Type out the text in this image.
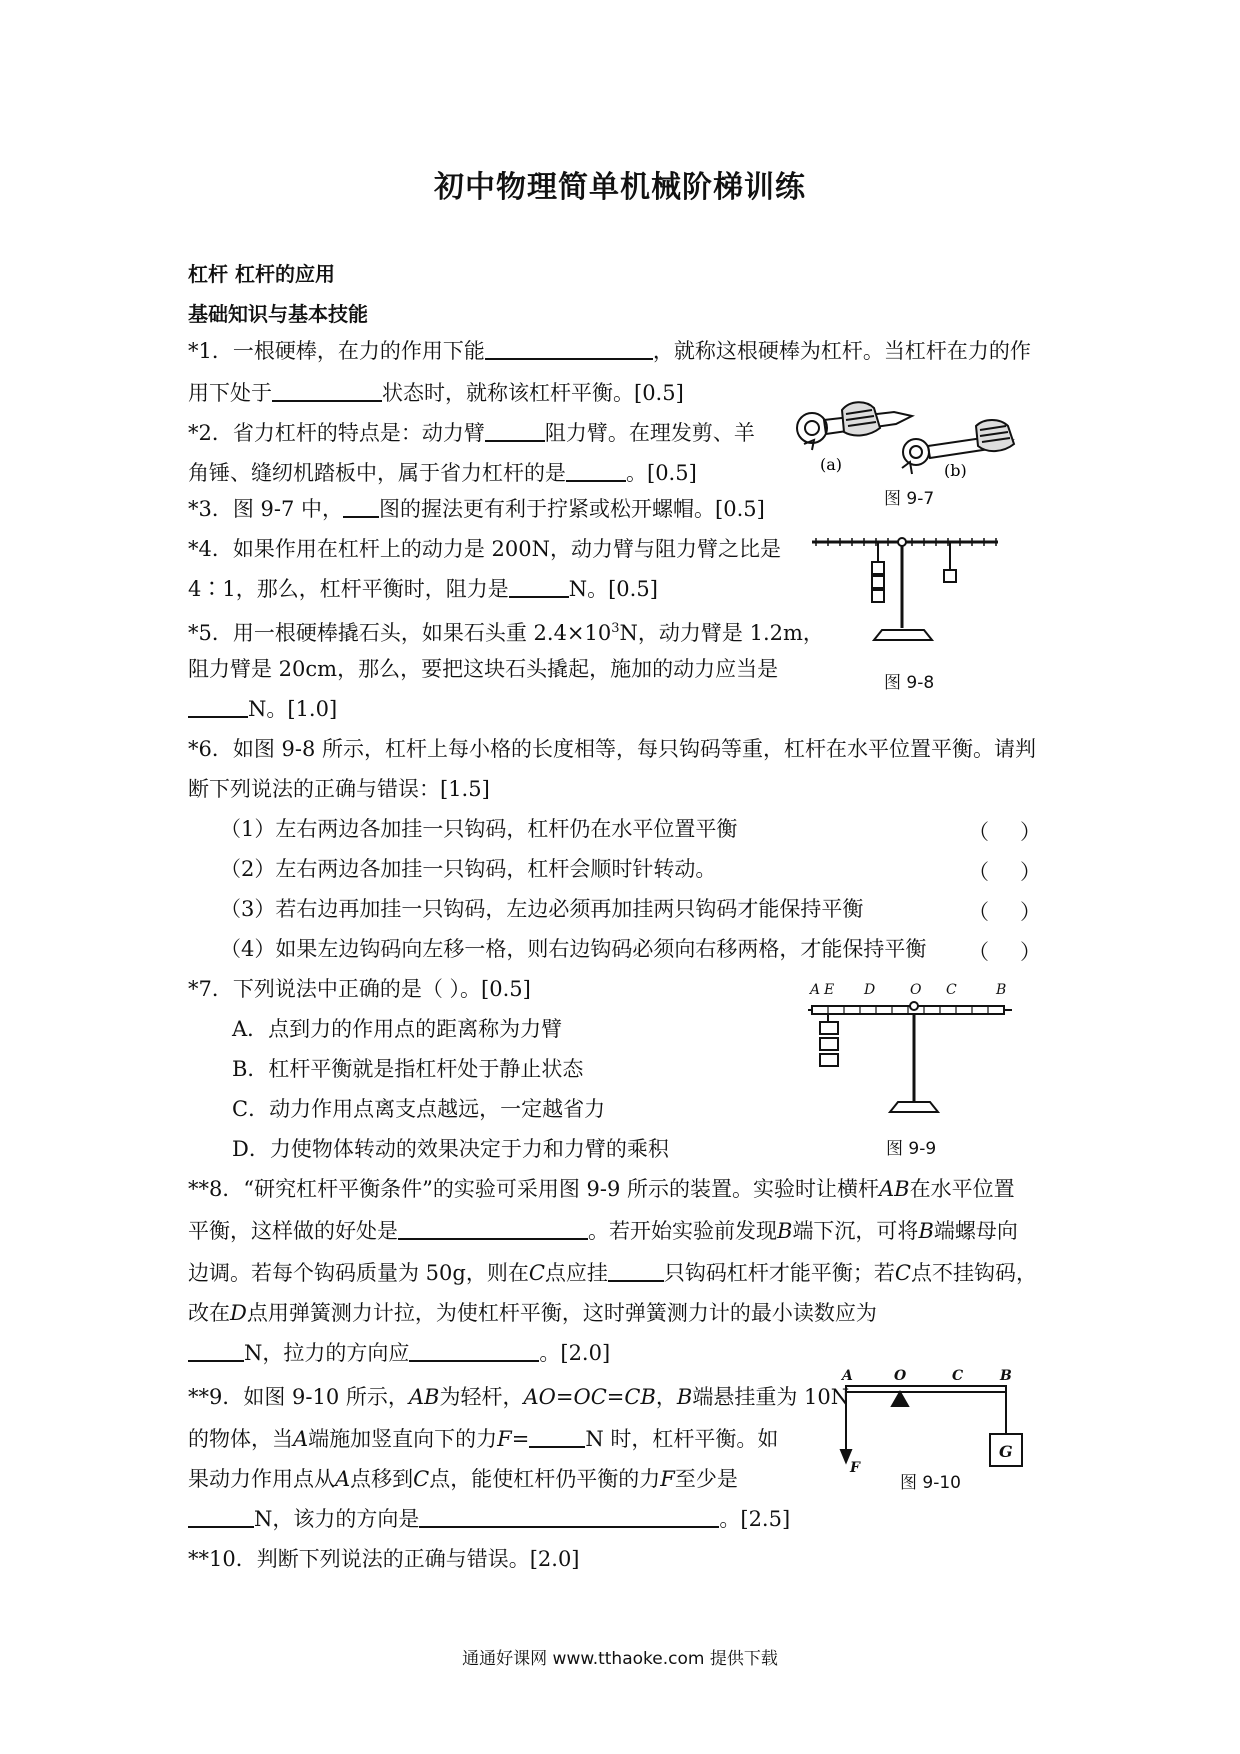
初中物理简单机械阶梯训练
杠杆 杠杆的应用
基础知识与基本技能
*1．一根硬棒，在力的作用下能	，就称这根硬棒为杠杆。当杠杆在力的作
用下处于	状态时，就称该杠杆平衡。[0.5]
*2．省力杠杆的特点是：动力臂	阻力臂。在理发剪、羊
角锤、缝纫机踏板中，属于省力杠杆的是	。[0.5]
*3．图 9-7 中， 图的握法更有利于拧紧或松开螺帽。[0.5]
*4．如果作用在杠杆上的动力是 200N，动力臂与阻力臂之比是
4∶1，那么，杠杆平衡时，阻力是	N。[0.5]
*5．用一根硬棒撬石头，如果石头重 $2.4\times 10^3N$，动力臂是 1.2m，
阻力臂是 20cm，那么，要把这块石头撬起，施加的动力应当是
N。[1.0]
*6．如图 9-8 所示，杠杆上每小格的长度相等，每只钩码等重，杠杆在水平位置平衡。请判
断下列说法的正确与错误：[1.5]
（1）左右两边各加挂一只钩码，杠杆仍在水平位置平衡	（ ）
（2）左右两边各加挂一只钩码，杠杆会顺时针转动。	（ ）
（3）若右边再加挂一只钩码，左边必须再加挂两只钩码才能保持平衡	（ ）
（4）如果左边钩码向左移一格，则右边钩码必须向右移两格，才能保持平衡 （ ）
*7．下列说法中正确的是（ ）。[0.5]
A．点到力的作用点的距离称为力臂
B．杠杆平衡就是指杠杆处于静止状态
C．动力作用点离支点越远，一定越省力
D．力使物体转动的效果决定于力和力臂的乘积
**8．“研究杠杆平衡条件”的实验可采用图 9-9 所示的装置。实验时让横杆AB在水平位置
平衡，这样做的好处是	。若开始实验前发现B端下沉，可将B端螺母向
边调。若每个钩码质量为 50g，则在C点应挂	只钩码杠杆才能平衡；若C点不挂钩码，
改在D点用弹簧测力计拉，为使杠杆平衡，这时弹簧测力计的最小读数应为
N，拉力的方向应	。[2.0]
**9．如图 9-10 所示，AB为轻杆，AO=OC=CB，B端悬挂重为 10N
的物体，当A端施加竖直向下的力F=	N 时，杠杆平衡。如
果动力作用点从A点移到C点，能使杠杆仍平衡的力F至少是
N，该力的方向是	。[2.5]
**10．判断下列说法的正确与错误。[2.0]
(a)	(b)
图 9-7
图 9-8
A E D O C	B
图 9-9
A	O	C	B
F
G
图 9-10
通通好课网 www.tthaoke.com 提供下载
